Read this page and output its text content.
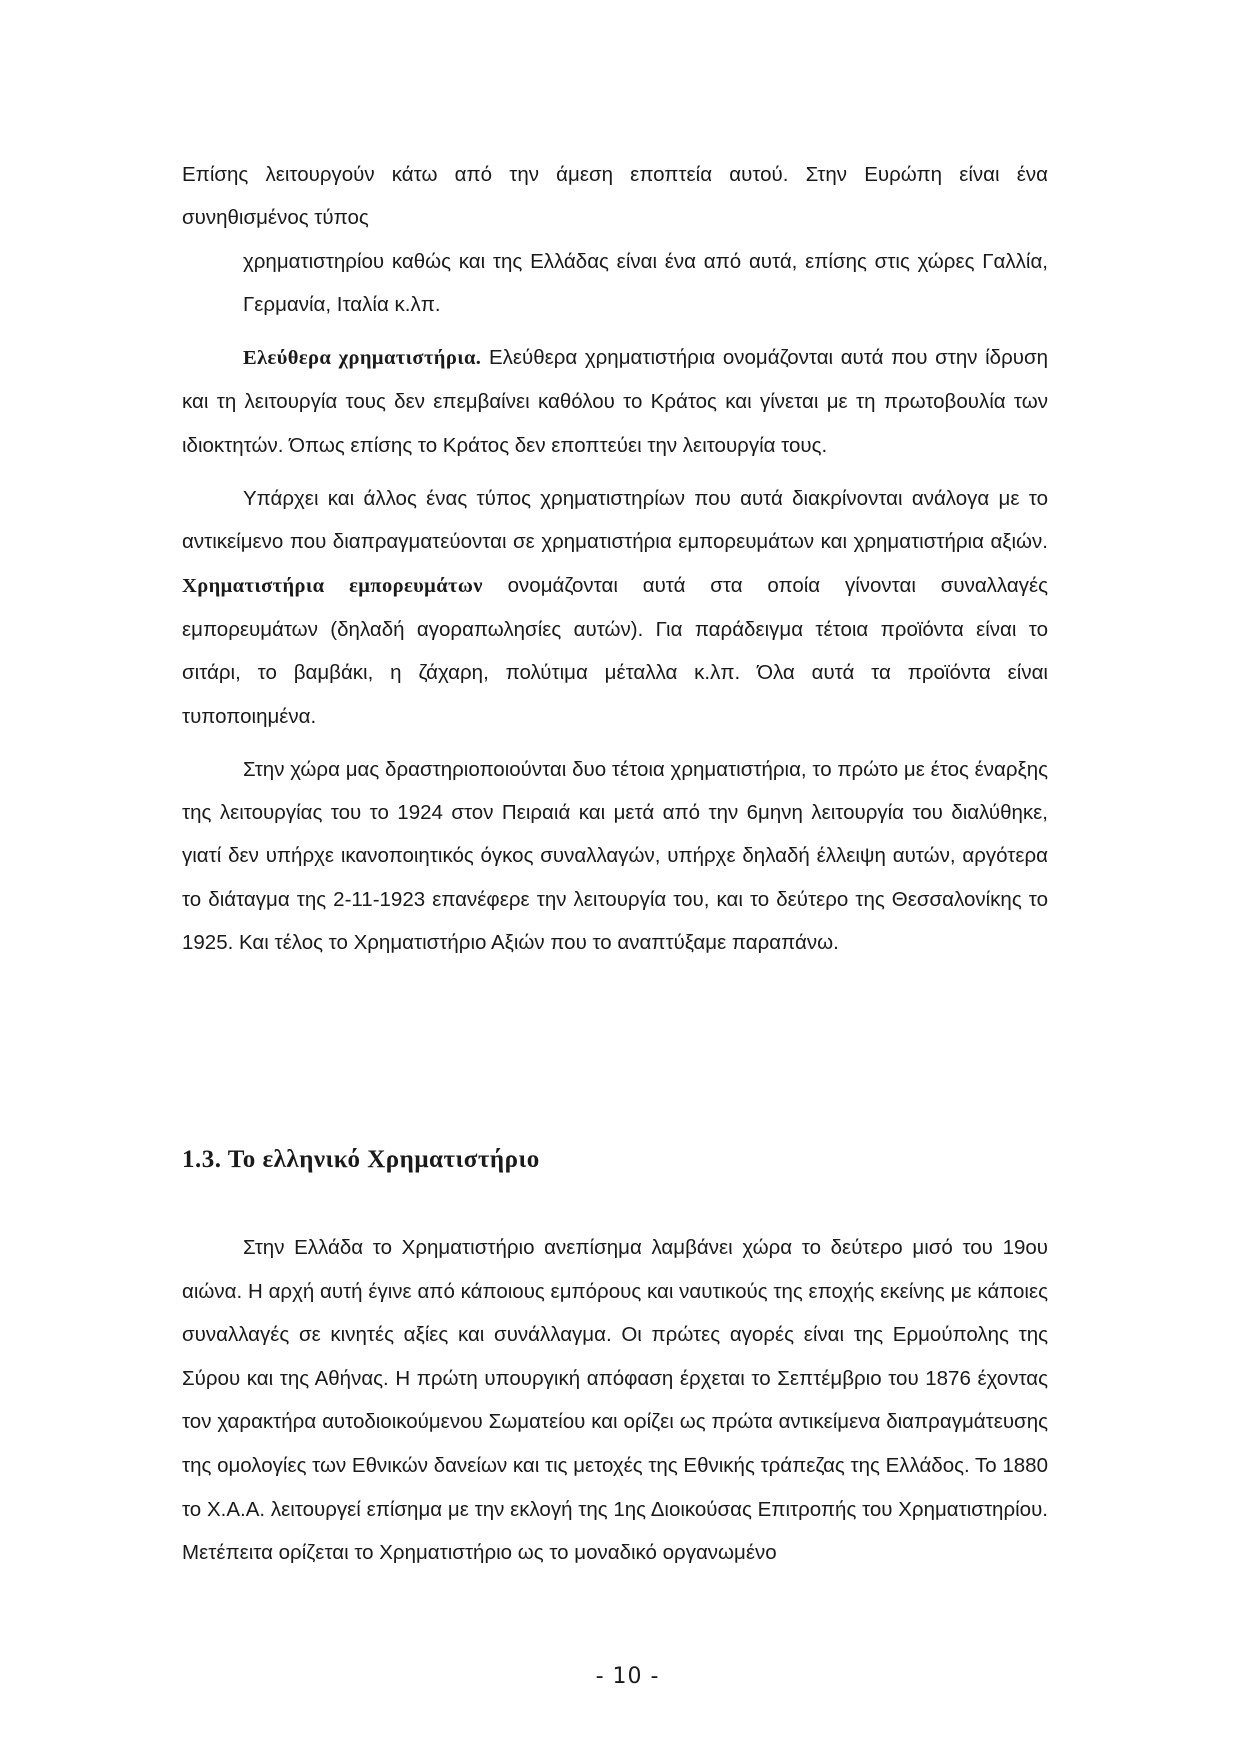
Επίσης λειτουργούν κάτω από την άμεση εποπτεία αυτού. Στην Ευρώπη είναι ένα συνηθισμένος τύπος

χρηματιστηρίου καθώς και της Ελλάδας είναι ένα από αυτά, επίσης στις χώρες Γαλλία, Γερμανία, Ιταλία κ.λπ.

Ελεύθερα χρηματιστήρια. Ελεύθερα χρηματιστήρια ονομάζονται αυτά που στην ίδρυση και τη λειτουργία τους δεν επεμβαίνει καθόλου το Κράτος και γίνεται με τη πρωτοβουλία των ιδιοκτητών. Όπως επίσης το Κράτος δεν εποπτεύει την λειτουργία τους.

Υπάρχει και άλλος ένας τύπος χρηματιστηρίων που αυτά διακρίνονται ανάλογα με το αντικείμενο που διαπραγματεύονται σε χρηματιστήρια εμπορευμάτων και χρηματιστήρια αξιών. Χρηματιστήρια εμπορευμάτων ονομάζονται αυτά στα οποία γίνονται συναλλαγές εμπορευμάτων (δηλαδή αγοραπωλησίες αυτών). Για παράδειγμα τέτοια προϊόντα είναι το σιτάρι, το βαμβάκι, η ζάχαρη, πολύτιμα μέταλλα κ.λπ. Όλα αυτά τα προϊόντα είναι τυποποιημένα.

Στην χώρα μας δραστηριοποιούνται δυο τέτοια χρηματιστήρια, το πρώτο με έτος έναρξης της λειτουργίας του το 1924 στον Πειραιά και μετά από την 6μηνη λειτουργία του διαλύθηκε, γιατί δεν υπήρχε ικανοποιητικός όγκος συναλλαγών, υπήρχε δηλαδή έλλειψη αυτών, αργότερα το διάταγμα της 2-11-1923 επανέφερε την λειτουργία του, και το δεύτερο της Θεσσαλονίκης το 1925. Και τέλος το Χρηματιστήριο Αξιών που το αναπτύξαμε παραπάνω.

1.3. Το ελληνικό Χρηματιστήριο

Στην Ελλάδα το Χρηματιστήριο ανεπίσημα λαμβάνει χώρα το δεύτερο μισό του 19ου αιώνα. Η αρχή αυτή έγινε από κάποιους εμπόρους και ναυτικούς της εποχής εκείνης με κάποιες συναλλαγές σε κινητές αξίες και συνάλλαγμα. Οι πρώτες αγορές είναι της Ερμούπολης της Σύρου και της Αθήνας. Η πρώτη υπουργική απόφαση έρχεται το Σεπτέμβριο του 1876 έχοντας τον χαρακτήρα αυτοδιοικούμενου Σωματείου και ορίζει ως πρώτα αντικείμενα διαπραγμάτευσης της ομολογίες των Εθνικών δανείων και τις μετοχές της Εθνικής τράπεζας της Ελλάδος. Το 1880 το Χ.Α.Α. λειτουργεί επίσημα με την εκλογή της 1ης Διοικούσας Επιτροπής του Χρηματιστηρίου. Μετέπειτα ορίζεται το Χρηματιστήριο ως το μοναδικό οργανωμένο

- 10 -
